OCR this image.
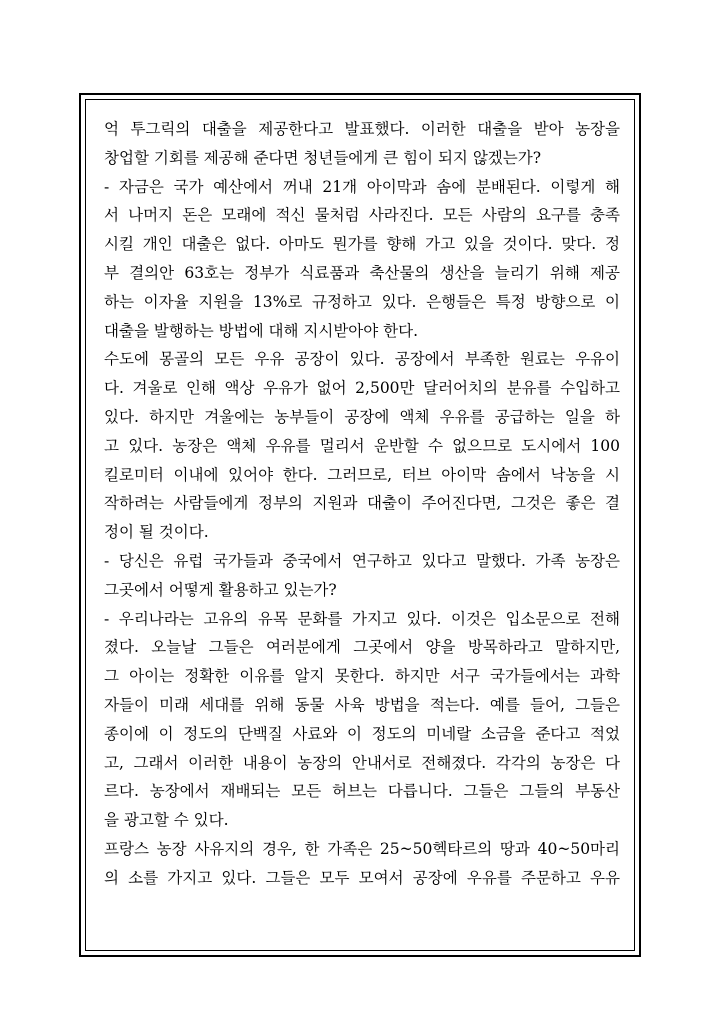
억 투그릭의 대출을 제공한다고 발표했다. 이러한 대출을 받아 농장을
창업할 기회를 제공해 준다면 청년들에게 큰 힘이 되지 않겠는가?
- 자금은 국가 예산에서 꺼내 21개 아이막과 솜에 분배된다. 이렇게 해
서 나머지 돈은 모래에 적신 물처럼 사라진다. 모든 사람의 요구를 충족
시킬 개인 대출은 없다. 아마도 뭔가를 향해 가고 있을 것이다. 맞다. 정
부 결의안 63호는 정부가 식료품과 축산물의 생산을 늘리기 위해 제공
하는 이자율 지원을 13%로 규정하고 있다. 은행들은 특정 방향으로 이
대출을 발행하는 방법에 대해 지시받아야 한다.
수도에 몽골의 모든 우유 공장이 있다. 공장에서 부족한 원료는 우유이
다. 겨울로 인해 액상 우유가 없어 2,500만 달러어치의 분유를 수입하고
있다. 하지만 겨울에는 농부들이 공장에 액체 우유를 공급하는 일을 하
고 있다. 농장은 액체 우유를 멀리서 운반할 수 없으므로 도시에서 100
킬로미터 이내에 있어야 한다. 그러므로, 터브 아이막 솜에서 낙농을 시
작하려는 사람들에게 정부의 지원과 대출이 주어진다면, 그것은 좋은 결
정이 될 것이다.
- 당신은 유럽 국가들과 중국에서 연구하고 있다고 말했다. 가족 농장은
그곳에서 어떻게 활용하고 있는가?
- 우리나라는 고유의 유목 문화를 가지고 있다. 이것은 입소문으로 전해
졌다. 오늘날 그들은 여러분에게 그곳에서 양을 방목하라고 말하지만,
그 아이는 정확한 이유를 알지 못한다. 하지만 서구 국가들에서는 과학
자들이 미래 세대를 위해 동물 사육 방법을 적는다. 예를 들어, 그들은
종이에 이 정도의 단백질 사료와 이 정도의 미네랄 소금을 준다고 적었
고, 그래서 이러한 내용이 농장의 안내서로 전해졌다. 각각의 농장은 다
르다. 농장에서 재배되는 모든 허브는 다릅니다. 그들은 그들의 부동산
을 광고할 수 있다.
프랑스 농장 사유지의 경우, 한 가족은 25~50헥타르의 땅과 40~50마리
의 소를 가지고 있다. 그들은 모두 모여서 공장에 우유를 주문하고 우유
